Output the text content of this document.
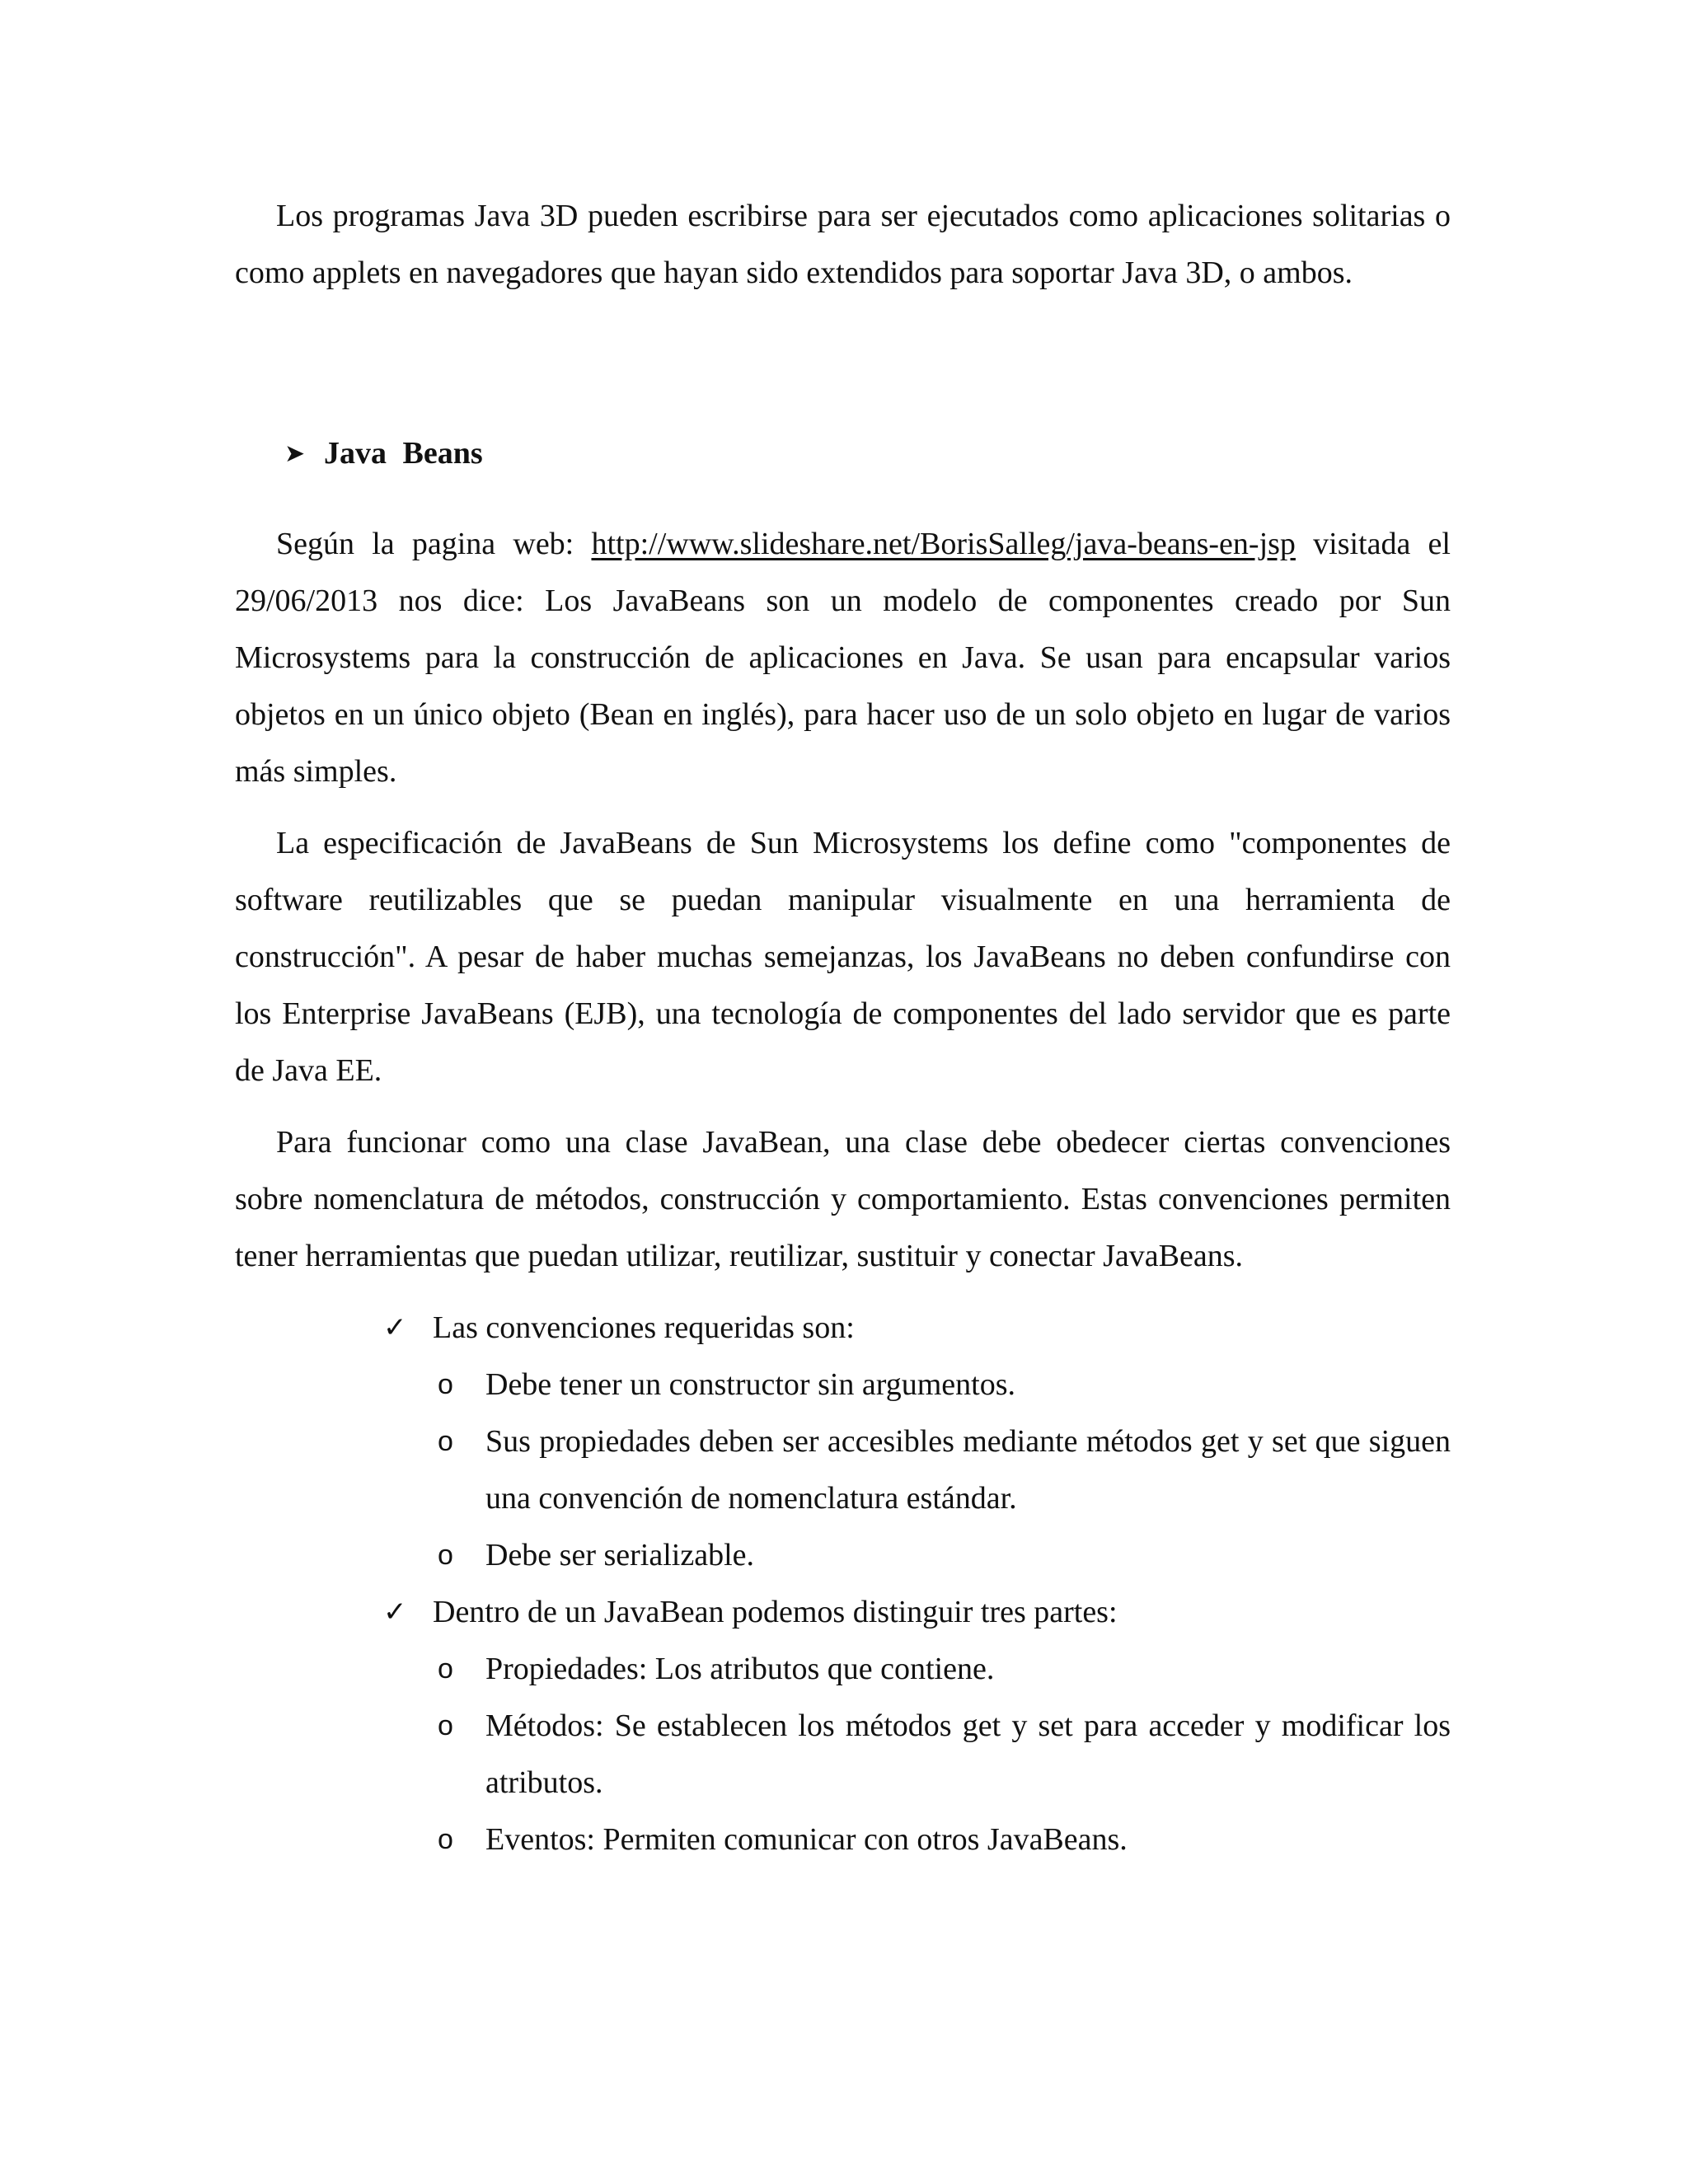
Los programas Java 3D pueden escribirse para ser ejecutados como aplicaciones solitarias o como applets en navegadores que hayan sido extendidos para soportar Java 3D, o ambos.

➤ Java Beans

Según la pagina web: http://www.slideshare.net/BorisSalleg/java-beans-en-jsp visitada el 29/06/2013 nos dice: Los JavaBeans son un modelo de componentes creado por Sun Microsystems para la construcción de aplicaciones en Java. Se usan para encapsular varios objetos en un único objeto (Bean en inglés), para hacer uso de un solo objeto en lugar de varios más simples.

La especificación de JavaBeans de Sun Microsystems los define como "componentes de software reutilizables que se puedan manipular visualmente en una herramienta de construcción". A pesar de haber muchas semejanzas, los JavaBeans no deben confundirse con los Enterprise JavaBeans (EJB), una tecnología de componentes del lado servidor que es parte de Java EE.

Para funcionar como una clase JavaBean, una clase debe obedecer ciertas convenciones sobre nomenclatura de métodos, construcción y comportamiento. Estas convenciones permiten tener herramientas que puedan utilizar, reutilizar, sustituir y conectar JavaBeans.

✓ Las convenciones requeridas son:
o Debe tener un constructor sin argumentos.
o Sus propiedades deben ser accesibles mediante métodos get y set que siguen una convención de nomenclatura estándar.
o Debe ser serializable.
✓ Dentro de un JavaBean podemos distinguir tres partes:
o Propiedades: Los atributos que contiene.
o Métodos: Se establecen los métodos get y set para acceder y modificar los atributos.
o Eventos: Permiten comunicar con otros JavaBeans.
